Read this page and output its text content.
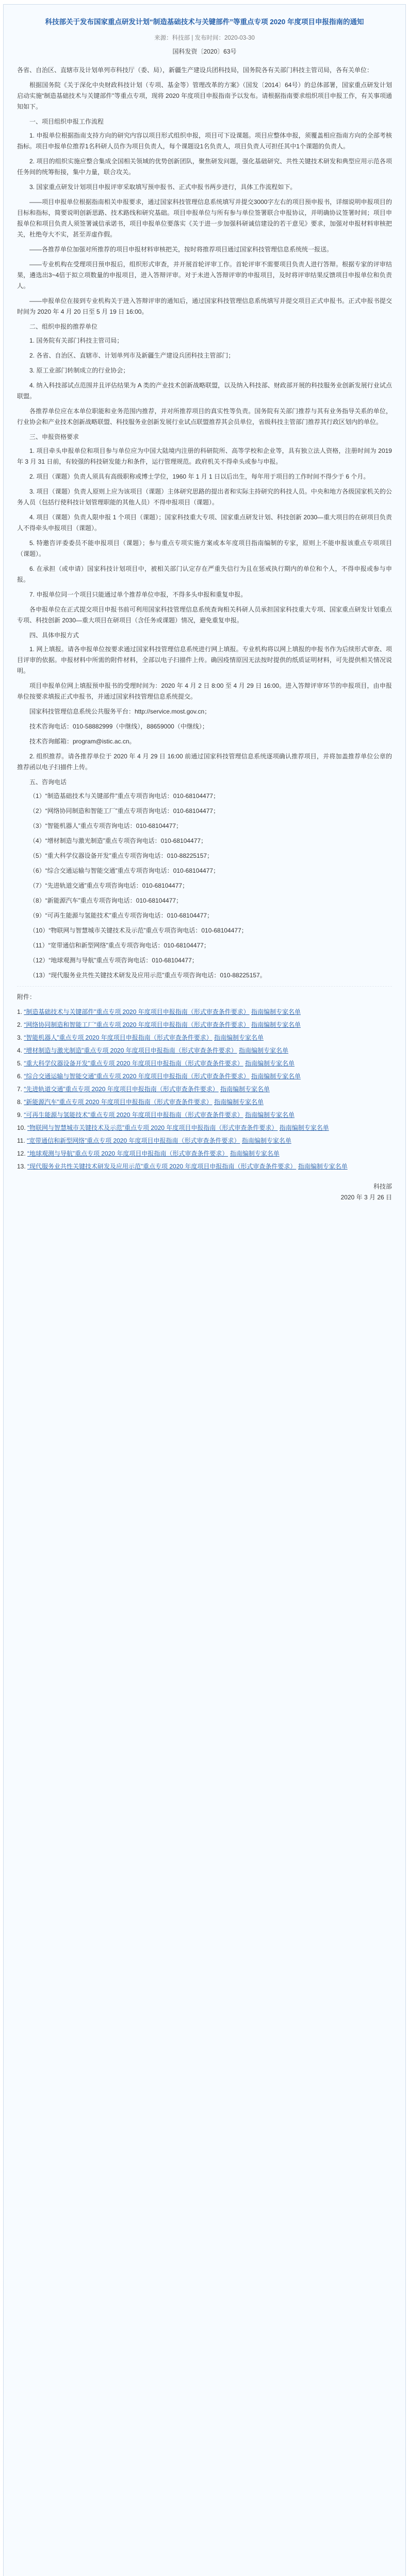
科技部关于发布国家重点研发计划“制造基础技术与关键部件”等重点专项 2020 年度项目申报指南的通知
来源：科技部 | 发布时间：2020-03-30
国科发资〔2020〕63号
各省、自治区、直辖市及计划单列市科技厅（委、局），新疆生产建设兵团科技局，国务院各有关部门科技主管司局，各有关单位：
根据国务院《关于深化中央财政科技计划（专项、基金等）管理改革的方案》（国发〔2014〕64号）的总体部署，国家重点研发计划启动实施“制造基础技术与关键部件”等重点专项，现将 2020 年度项目申报指南予以发布。请根据指南要求组织项目申报工作，有关事项通知如下。
一、项目组织申报工作流程
1. 申报单位根据指南支持方向的研究内容以项目形式组织申报，项目可下设课题。项目应整体申报，须覆盖相应指南方向的全部考核指标。项目申报单位推荐1名科研人员作为项目负责人，每个课题设1名负责人，项目负责人可担任其中1个课题的负责人。
2. 项目的组织实施应整合集成全国相关领域的优势创新团队，聚焦研发问题，强化基础研究、共性关键技术研发和典型应用示范各项任务间的统筹衔接，集中力量，联合攻关。
3. 国家重点研发计划项目申报评审采取填写预申报书、正式申报书两步进行，具体工作流程如下。
——项目申报单位根据指南相关申报要求，通过国家科技管理信息系统填写并提交3000字左右的项目预申报书，详细说明申报项目的目标和指标，简要说明创新思路、技术路线和研究基础。项目申报单位与所有参与单位签署联合申报协议，并明确协议签署时间；项目申报单位和项目负责人须签署诚信承诺书，项目申报单位要落实《关于进一步加强科研诚信建设的若干意见》要求，加强对申报材料审核把关，杜绝夸大不实，甚至弄虚作假。
——各推荐单位加强对所推荐的项目申报材料审核把关，按时将推荐项目通过国家科技管理信息系统统一报送。
——专业机构在受理项目预申报后，组织形式审查，并开展首轮评审工作。首轮评审不需要项目负责人进行答辩。根据专家的评审结果，遴选出3~4倍于拟立项数量的申报项目，进入答辩评审。对于未进入答辩评审的申报项目，及时将评审结果反馈项目申报单位和负责人。
——申报单位在接到专业机构关于进入答辩评审的通知后，通过国家科技管理信息系统填写并提交项目正式申报书。正式申报书提交时间为 2020 年 4 月 20 日至 5 月 19 日 16:00。
二、组织申报的推荐单位
1. 国务院有关部门科技主管司局；
2. 各省、自治区、直辖市、计划单列市及新疆生产建设兵团科技主管部门；
3. 原工业部门转制成立的行业协会；
4. 纳入科技部试点范围并且评估结果为 A 类的产业技术创新战略联盟，以及纳入科技部、财政部开展的科技服务业创新发展行业试点联盟。
各推荐单位应在本单位职能和业务范围内推荐，并对所推荐项目的真实性等负责。国务院有关部门推荐与其有业务指导关系的单位，行业协会和产业技术创新战略联盟、科技服务业创新发展行业试点联盟推荐其会员单位，省级科技主管部门推荐其行政区划内的单位。
三、申报资格要求
1. 项目牵头申报单位和项目参与单位应为中国大陆境内注册的科研院所、高等学校和企业等，具有独立法人资格，注册时间为 2019 年 3 月 31 日前，有较强的科技研发能力和条件，运行管理规范。政府机关不得牵头或参与申报。
2. 项目（课题）负责人须具有高级职称或博士学位，1960 年 1 月 1 日以后出生，每年用于项目的工作时间不得少于 6 个月。
3. 项目（课题）负责人原则上应为该项目（课题）主体研究思路的提出者和实际主持研究的科技人员。中央和地方各级国家机关的公务人员（包括行使科技计划管理职能的其他人员）不得申报项目（课题）。
4. 项目（课题）负责人限申报 1 个项目（课题）；国家科技重大专项、国家重点研发计划、科技创新 2030—重大项目的在研项目负责人不得牵头申报项目（课题）。
5. 特邀咨评委委员不能申报项目（课题）；参与重点专项实施方案或本年度项目指南编制的专家，原则上不能申报该重点专项项目（课题）。
6. 在承担（或申请）国家科技计划项目中，被相关部门认定存在严重失信行为且在惩戒执行期内的单位和个人，不得申报或参与申报。
7. 申报单位同一个项目只能通过单个推荐单位申报，不得多头申报和重复申报。
各申报单位在正式提交项目申报书前可利用国家科技管理信息系统查询相关科研人员承担国家科技重大专项、国家重点研发计划重点专项、科技创新 2030—重大项目在研项目（含任务或课题）情况，避免重复申报。
四、具体申报方式
1. 网上填报。请各申报单位按要求通过国家科技管理信息系统进行网上填报。专业机构将以网上填报的申报书作为后续形式审查、项目评审的依据。申报材料中所需的附件材料，全部以电子扫描件上传。确因疫情原因无法按时提供的纸质证明材料，可先提供相关情况说明。
项目申报单位网上填报预申报书的受理时间为：2020 年 4 月 2 日 8:00 至 4 月 29 日 16:00。进入答辩评审环节的申报项目，由申报单位按要求填报正式申报书，并通过国家科技管理信息系统提交。
国家科技管理信息系统公共服务平台：http://service.most.gov.cn；
技术咨询电话：010-58882999（中继线），88659000（中继线）；
技术咨询邮箱：program@istic.ac.cn。
2. 组织推荐。请各推荐单位于 2020 年 4 月 29 日 16:00 前通过国家科技管理信息系统逐项确认推荐项目，并将加盖推荐单位公章的推荐函以电子扫描件上传。
五、咨询电话
（1）“制造基础技术与关键部件”重点专项咨询电话：010-68104477；
（2）“网络协同制造和智能工厂”重点专项咨询电话：010-68104477；
（3）“智能机器人”重点专项咨询电话：010-68104477；
（4）“增材制造与激光制造”重点专项咨询电话：010-68104477；
（5）“重大科学仪器设备开发”重点专项咨询电话：010-88225157；
（6）“综合交通运输与智能交通”重点专项咨询电话：010-68104477；
（7）“先进轨道交通”重点专项咨询电话：010-68104477；
（8）“新能源汽车”重点专项咨询电话：010-68104477；
（9）“可再生能源与氢能技术”重点专项咨询电话：010-68104477；
（10）“物联网与智慧城市关键技术及示范”重点专项咨询电话：010-68104477；
（11）“宽带通信和新型网络”重点专项咨询电话：010-68104477；
（12）“地球观测与导航”重点专项咨询电话：010-68104477；
（13）“现代服务业共性关键技术研发及应用示范”重点专项咨询电话：010-88225157。
附件：
1. “制造基础技术与关键部件”重点专项 2020 年度项目申报指南（形式审查条件要求） 指南编制专家名单
2. “网络协同制造和智能工厂”重点专项 2020 年度项目申报指南（形式审查条件要求） 指南编制专家名单
3. “智能机器人”重点专项 2020 年度项目申报指南（形式审查条件要求） 指南编制专家名单
4. “增材制造与激光制造”重点专项 2020 年度项目申报指南（形式审查条件要求） 指南编制专家名单
5. “重大科学仪器设备开发”重点专项 2020 年度项目申报指南（形式审查条件要求） 指南编制专家名单
6. “综合交通运输与智能交通”重点专项 2020 年度项目申报指南（形式审查条件要求） 指南编制专家名单
7. “先进轨道交通”重点专项 2020 年度项目申报指南（形式审查条件要求） 指南编制专家名单
8. “新能源汽车”重点专项 2020 年度项目申报指南（形式审查条件要求） 指南编制专家名单
9. “可再生能源与氢能技术”重点专项 2020 年度项目申报指南（形式审查条件要求） 指南编制专家名单
10. “物联网与智慧城市关键技术及示范”重点专项 2020 年度项目申报指南（形式审查条件要求） 指南编制专家名单
11. “宽带通信和新型网络”重点专项 2020 年度项目申报指南（形式审查条件要求） 指南编制专家名单
12. “地球观测与导航”重点专项 2020 年度项目申报指南（形式审查条件要求） 指南编制专家名单
13. “现代服务业共性关键技术研发及应用示范”重点专项 2020 年度项目申报指南（形式审查条件要求） 指南编制专家名单
科技部
2020 年 3 月 26 日
